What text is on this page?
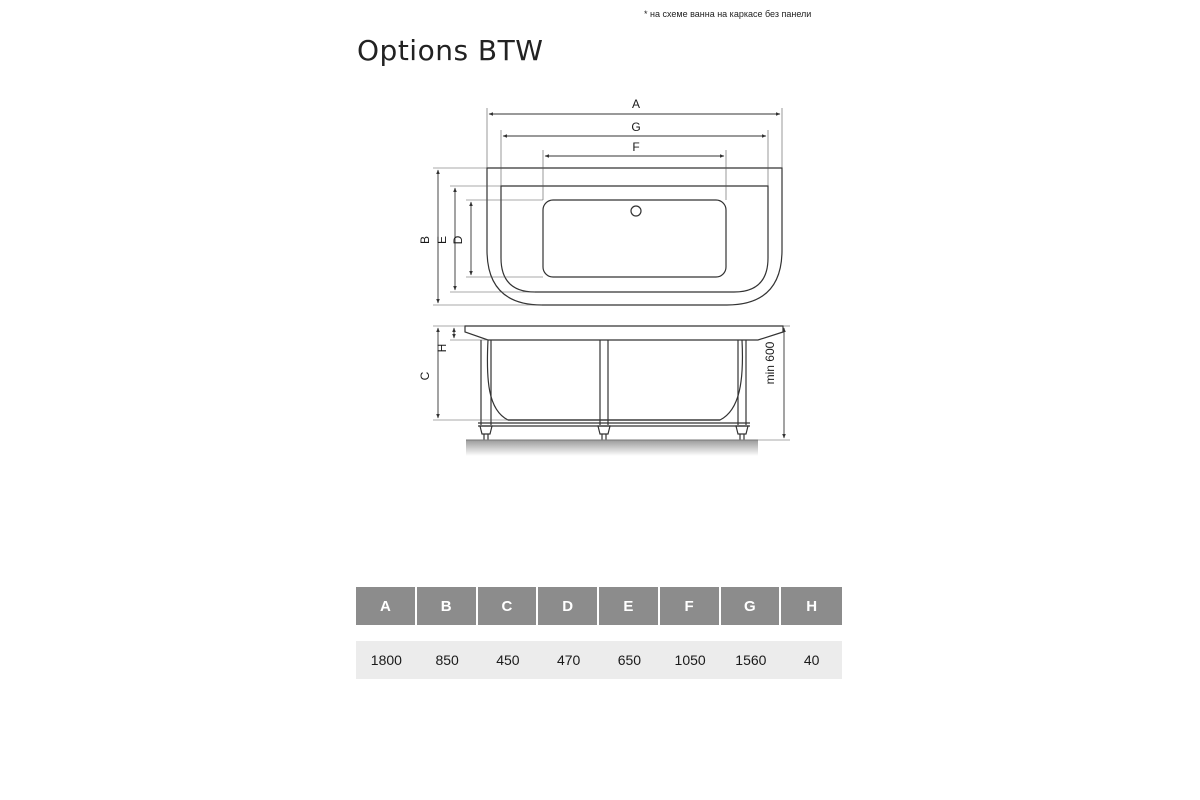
* на схеме ванна на каркасе без панели
Options BTW
A
G
F
B E D
H
C	min 600
A	B	C	D	E	F	G	H
1800	850	450	470	650	1050	1560	40
